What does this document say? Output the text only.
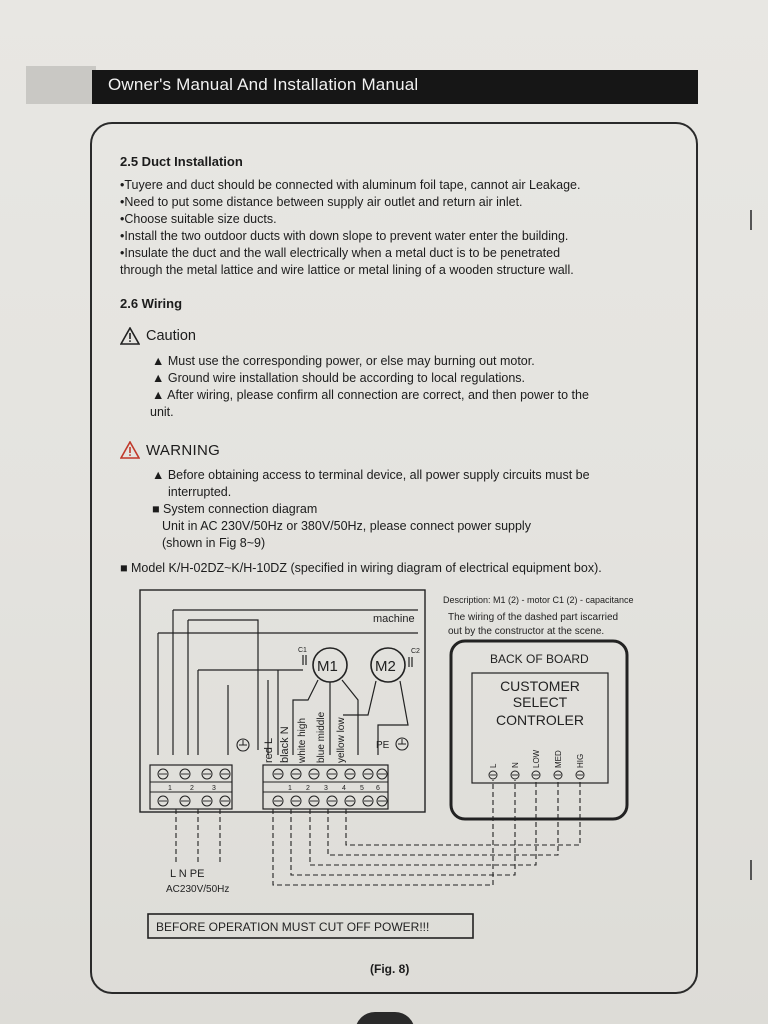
Owner's Manual And Installation Manual
2.5 Duct Installation
•Tuyere and duct should be connected with aluminum foil tape, cannot air Leakage.
•Need to put some distance between supply air outlet and return air inlet.
•Choose suitable size ducts.
•Install the two outdoor ducts with down slope to prevent water enter the building.
•Insulate the duct and the wall electrically when a metal duct is to be penetrated
through the metal lattice and wire lattice or metal lining of a wooden structure wall.
2.6 Wiring
Caution
▲ Must use the corresponding power, or else may burning out motor.
▲ Ground wire installation should be according to local regulations.
▲ After wiring, please confirm all connection are correct, and then power to the
unit.
WARNING
▲ Before obtaining access to terminal device, all power supply circuits must be
interrupted.
■ System connection diagram
Unit in AC 230V/50Hz or 380V/50Hz, please connect power supply
(shown in Fig 8~9)
■ Model K/H-02DZ~K/H-10DZ (specified in wiring diagram of electrical equipment box).
machine
M1 M2
C1	C2
PE
red L black N white high blue middle yellow low
1	2	3	1 2 3 4 5 6
L N PE
AC230V/50Hz
Description: M1 (2) - motor C1 (2) - capacitance
The wiring of the dashed part iscarried
out by the constructor at the scene.
BACK OF BOARD
CUSTOMER
SELECT
CONTROLER
L N LOW MED HIG
BEFORE OPERATION MUST CUT OFF POWER!!!
(Fig. 8)
